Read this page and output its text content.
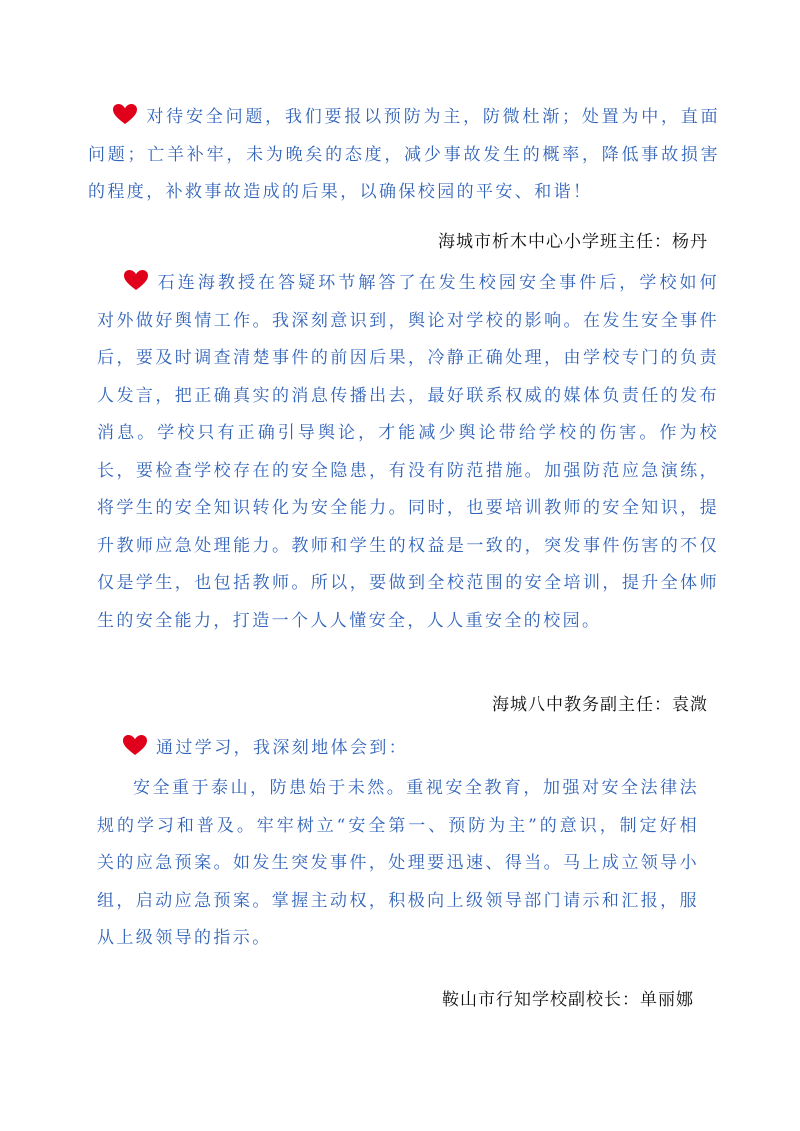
对待安全问题，我们要报以预防为主，防微杜渐；处置为中，直面问题；亡羊补牢，未为晚矣的态度，减少事故发生的概率，降低事故损害的程度，补救事故造成的后果，以确保校园的平安、和谐！

海城市析木中心小学班主任：杨丹

石连海教授在答疑环节解答了在发生校园安全事件后，学校如何对外做好舆情工作。我深刻意识到，舆论对学校的影响。在发生安全事件后，要及时调查清楚事件的前因后果，冷静正确处理，由学校专门的负责人发言，把正确真实的消息传播出去，最好联系权威的媒体负责任的发布消息。学校只有正确引导舆论，才能减少舆论带给学校的伤害。作为校长，要检查学校存在的安全隐患，有没有防范措施。加强防范应急演练，将学生的安全知识转化为安全能力。同时，也要培训教师的安全知识，提升教师应急处理能力。教师和学生的权益是一致的，突发事件伤害的不仅仅是学生，也包括教师。所以，要做到全校范围的安全培训，提升全体师生的安全能力，打造一个人人懂安全，人人重安全的校园。

海城八中教务副主任：袁溦

通过学习，我深刻地体会到：

安全重于泰山，防患始于未然。重视安全教育，加强对安全法律法规的学习和普及。牢牢树立“安全第一、预防为主”的意识，制定好相关的应急预案。如发生突发事件，处理要迅速、得当。马上成立领导小组，启动应急预案。掌握主动权，积极向上级领导部门请示和汇报，服从上级领导的指示。

鞍山市行知学校副校长：单丽娜
